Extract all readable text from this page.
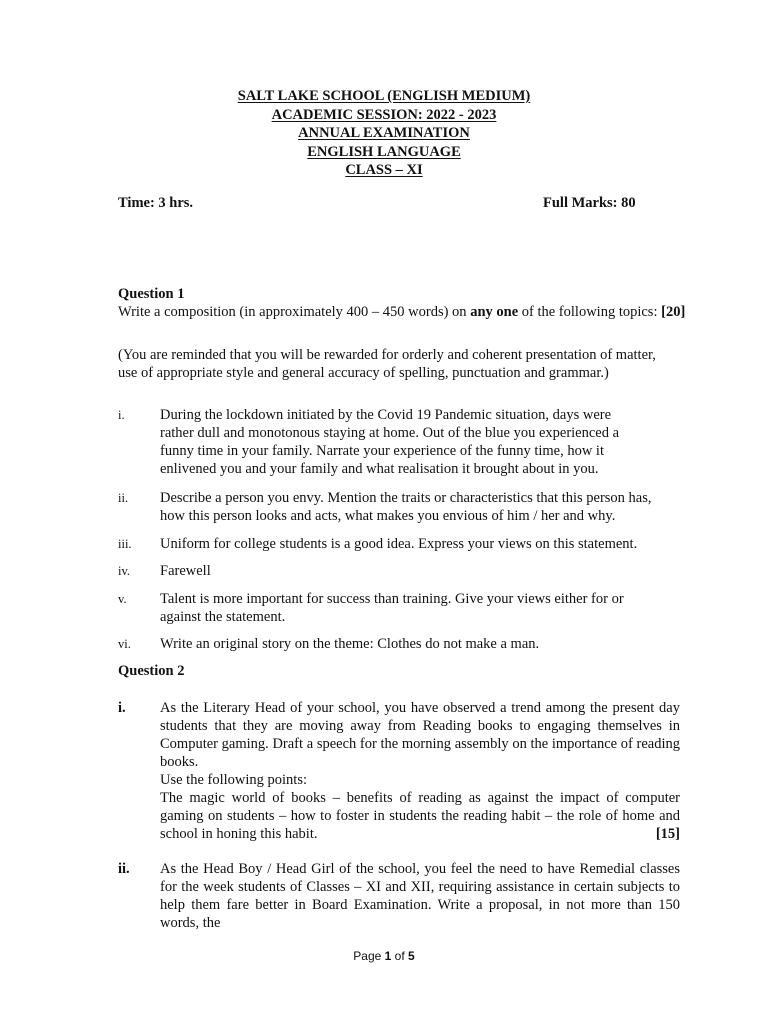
SALT LAKE SCHOOL (ENGLISH MEDIUM)
ACADEMIC SESSION: 2022 - 2023
ANNUAL EXAMINATION
ENGLISH LANGUAGE
CLASS – XI
Time: 3 hrs.	Full Marks: 80
Question 1
Write a composition (in approximately 400 – 450 words) on any one of the following topics: [20]
(You are reminded that you will be rewarded for orderly and coherent presentation of matter, use of appropriate style and general accuracy of spelling, punctuation and grammar.)
i.	During the lockdown initiated by the Covid 19 Pandemic situation, days were rather dull and monotonous staying at home. Out of the blue you experienced a funny time in your family. Narrate your experience of the funny time, how it enlivened you and your family and what realisation it brought about in you.
ii.	Describe a person you envy. Mention the traits or characteristics that this person has, how this person looks and acts, what makes you envious of him / her and why.
iii.	Uniform for college students is a good idea. Express your views on this statement.
iv.	Farewell
v.	Talent is more important for success than training. Give your views either for or against the statement.
vi.	Write an original story on the theme: Clothes do not make a man.
Question 2
i.	As the Literary Head of your school, you have observed a trend among the present day students that they are moving away from Reading books to engaging themselves in Computer gaming. Draft a speech for the morning assembly on the importance of reading books.
Use the following points:
The magic world of books – benefits of reading as against the impact of computer gaming on students – how to foster in students the reading habit – the role of home and school in honing this habit.	[15]
ii.	As the Head Boy / Head Girl of the school, you feel the need to have Remedial classes for the week students of Classes – XI and XII, requiring assistance in certain subjects to help them fare better in Board Examination. Write a proposal, in not more than 150 words, the
Page 1 of 5
